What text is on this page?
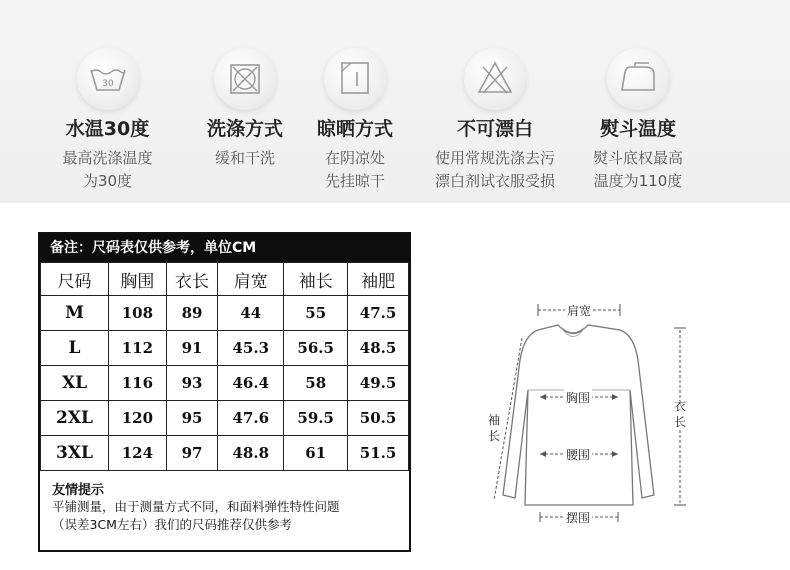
30
水温30度
最高洗涤温度
为30度
洗涤方式
缓和干洗
晾晒方式
在阴凉处
先挂晾干
不可漂白
使用常规洗涤去污
漂白剂试衣服受损
熨斗温度
熨斗底权最高
温度为110度
备注：尺码表仅供参考，单位CM
尺码	胸围	衣长	肩宽	袖长	袖肥
M	108	89	44	55	47.5
L	112	91	45.3	56.5	48.5
XL	116	93	46.4	58	49.5
2XL	120	95	47.6	59.5	50.5
3XL	124	97	48.8	61	51.5
友情提示
平铺测量，由于测量方式不同，和面料弹性特性问题
（误差3CM左右）我们的尺码推荐仅供参考
肩宽
胸围
腰围
摆围
袖
长
衣
长
